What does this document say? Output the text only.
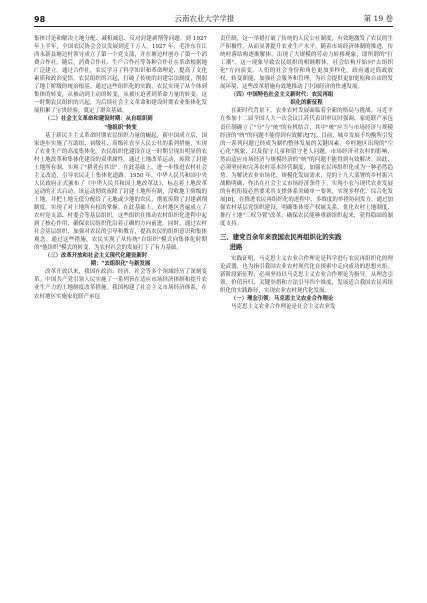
98	云南农业大学学报	第 19 卷

集体讨论和解决土地分配、减租减息、反对封建剥削等问题。到 1927 年上半年，全国农民协会会员发展到近千万人。1927 年，毛泽东在江西永新县塘边村领导成立了第一个党支部，并在塘边村创办了第一个消费合作社。随后，消费合作社、生产合作社等各种合作社在革命根据地广泛建立。通过合作社，农民学习了科学知识和革命理论，提高了文化素质和政治觉悟。农民组织的兴起，打破了传统的封建宗法制度，削弱了地主阶级的统治根基。通过这些组织化的实践，农民实现了从个体到集体的转变，从被动到主动的转变，从被压迫者到革命力量的转变。这一时期农民组织的兴起，为后续社会主义革命和建设时期农业集体化发展积累了宝贵经验，奠定了群众基础。

（二）社会主义革命和建设时期：从自组织到
"他组织"转变

基于新民主主义革命时期农民组织力量的崛起，新中国成立后，国家逐步实施了互助组、初级社、高级社直至人民公社的系列措施，实现了农业生产的高度集体化。农民组织化建设在这一时期呈现出明显的农村土地改革和集体化建设的双重属性。通过土地改革运动，废除了封建土地所有制，实现了"耕者有其田"。在此基础上，进一步推进农村社会主义改造，引导农民走上集体化道路。1950 年，中华人民共和国中央人民政府正式颁布了《中华人民共和国土地改革法》，标志着土地改革运动的正式启动。该运动彻底废除了封建土地所有制，没收地主阶级的土地，并把土地无偿分配给了无地或少地的农民，彻底废除了封建剥削制度，实现了对土地所有权的掌握。在此基础上，农村地区普遍成立了农村党支部、村委会等基层组织。这些组织在推动农村组织化进程中起到了核心作用，确保农民组织化沿着正确的方向前进。同时，通过农村社会基层组织，加强对农民的引导和教育，提高农民的组织意识和集体观念。通过这些措施，农民实现了从传统"自组织"模式向集体化时期的"他组织"模式的转变，为农村社会的发展打下了有力基础。

（三）改革开放和社会主义现代化建设新时
期："去组织化"与新发展

改革开放以来，我国在政治、经济、社会等多个领域经历了深刻变革。中国共产党引领人民实施了一系列旨在适应市场经济体制和提升农业生产力的土地制度改革措施。我国构建了社会主义市场经济体系，在农村地区实施家庭联产承包

责任制，这一举措打破了传统的人民公社制度，有效地激发了农民的生产积极性，从而显著提升农业生产水平。随着市场经济体制的推进，传统村落结构逐渐解体，出现了大规模的劳动力转移现象，即所谓的"打工潮"。这一现象导致农民组织的相继解体，社会结构开始向"去组织化"方向演变。人们的社会身份和角色更加多样化。政府通过简政放权，转变职能，加强社会服务和管理，为社会提供更加宽松和自由的发展环境，这些改革措施有效地推动了中国经济的快速发展。

（四）中国特色社会主义新时代：农民再组
织化的新征程

在新时代背景下，农业农村发展面临着全新的格局与挑战。习近平在参加十二届全国人大一次会议江苏代表团审议时强调，家庭联产承包责任制确立了"分"与"统"的有机结合，其中"统"应当与市场经济与规模经济的"统"的问题不能得到有效解决[7]。目前，城乡发展不均衡所引发的一系列问题已经成为制约整体发展的关键因素。乡村地区出现的"空心化"现象，以及留守儿童和留守老人问题，市场经济对农村的影响，然而适应市场经济与规模经济的"统"的问题不能得到有效解决。因此，必须坚持和完善农村基本经营制度，加强农民再组织化成为一种必然趋势。为解决农业市场化、规模化发展需求，党的十九大部署的乡村振兴战略明确，作出在社会主义市场经济条件下，实现小农与现代农业发展的有机衔接必然要求其支撑体系突破单一要领，实现多样化、综合化发展[8]。在推进农民再组织化的进程中，多维度的举措协同发力。通过加强农村基层党组织建设，明确集体资产权属关系，优化农村土地制度，推行土地"三权分置"改革，确保农民能够重新组织起来，获得稳固的制度支持。

三、建党百余年来我国农民再组织化的实践
进路

实践证明，马克思主义农业合作理论是科学进行农民再组织化的理论武器，也为指引我国农业农村现代化在探索中走向成功的思想火炬。新阶段新征程，必须坚持以马克思主义农业合作理论为指导，从理念引领、价值旨归、关键举措和方法引导四个维度，发展适合我国农民再组织化的实践路径，实现农业农村现代化发展。

（一）理念引领：马克思主义农业合作理论

马克思主义农业合作理论是社会主义农业发
